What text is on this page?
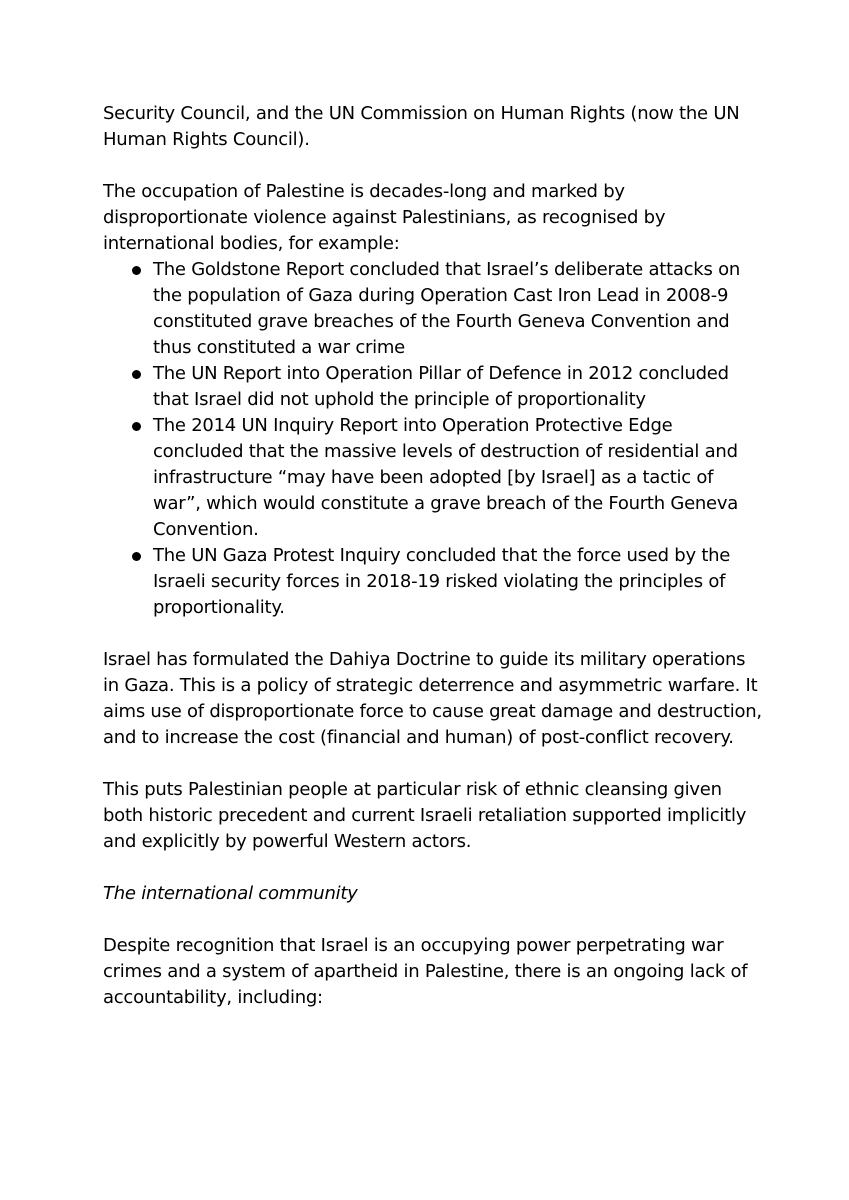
Security Council, and the UN Commission on Human Rights (now the UN Human Rights Council).

The occupation of Palestine is decades-long and marked by disproportionate violence against Palestinians, as recognised by international bodies, for example:

The Goldstone Report concluded that Israel’s deliberate attacks on the population of Gaza during Operation Cast Iron Lead in 2008-9 constituted grave breaches of the Fourth Geneva Convention and thus constituted a war crime
The UN Report into Operation Pillar of Defence in 2012 concluded that Israel did not uphold the principle of proportionality
The 2014 UN Inquiry Report into Operation Protective Edge concluded that the massive levels of destruction of residential and infrastructure “may have been adopted [by Israel] as a tactic of war”, which would constitute a grave breach of the Fourth Geneva Convention.
The UN Gaza Protest Inquiry concluded that the force used by the Israeli security forces in 2018-19 risked violating the principles of proportionality.

Israel has formulated the Dahiya Doctrine to guide its military operations in Gaza. This is a policy of strategic deterrence and asymmetric warfare. It aims use of disproportionate force to cause great damage and destruction, and to increase the cost (financial and human) of post-conflict recovery.

This puts Palestinian people at particular risk of ethnic cleansing given both historic precedent and current Israeli retaliation supported implicitly and explicitly by powerful Western actors.

The international community

Despite recognition that Israel is an occupying power perpetrating war crimes and a system of apartheid in Palestine, there is an ongoing lack of accountability, including:
